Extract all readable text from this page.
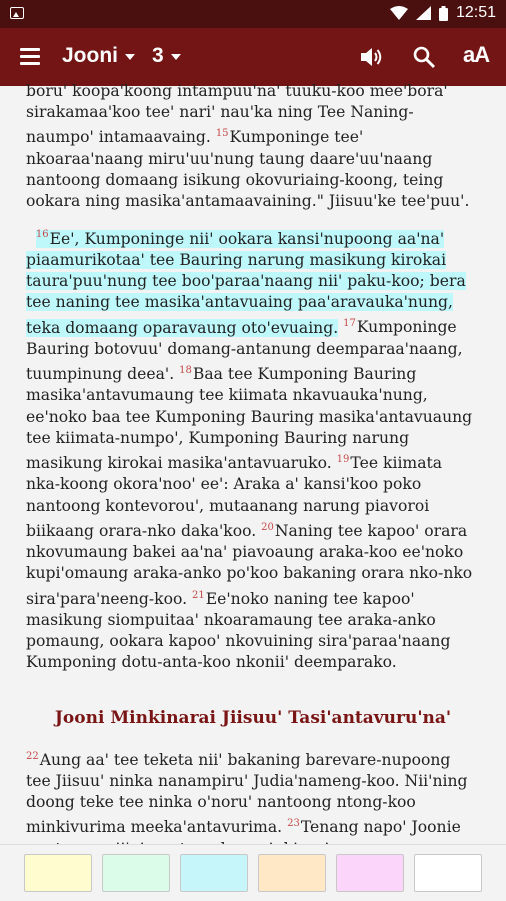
12:51
Jooni 3	aA

boru' koopa'koong intampuu'na' tuuku-koo mee'bora' sirakamaa'koo tee' nari' nau'ka ning Tee Naning-naumpo' intamaavaing. $^{15}$Kumponinge tee' nkoaraa'naang miru'uu'nung taung daare'uu'naang nantoong domaang isikung okovuriaing-koong, teing ookara ning masika'antamaavaining." Jiisuu'ke tee'puu'.

$^{16}$Ee', Kumponinge nii' ookara kansi'nupoong aa'na' piaamurikotaa' tee Bauring narung masikung kirokai taura'puu'nung tee boo'paraa'naang nii' paku-koo; bera tee naning tee masika'antavuaing paa'aravauka'nung, teka domaang oparavaung oto'evuaing. $^{17}$Kumponinge Bauring botovuu' domang-antanung deemparaa'naang, tuumpinung deea'. $^{18}$Baa tee Kumponing Bauring masika'antavumaung tee kiimata nkavuauka'nung, ee'noko baa tee Kumponing Bauring masika'antavuaung tee kiimata-numpo', Kumponing Bauring narung masikung kirokai masika'antavuaruko. $^{19}$Tee kiimata nka-koong okora'noo' ee': Araka a' kansi'koo poko nantoong kontevorou', mutaanang narung piavoroi biikaang orara-nko daka'koo. $^{20}$Naning tee kapoo' orara nkovumaung bakei aa'na' piavoaung araka-koo ee'noko kupi'omaung araka-anko po'koo bakaning orara nko-nko sira'para'neeng-koo. $^{21}$Ee'noko naning tee kapoo' masikung siompuitaa' nkoaramaung tee araka-anko pomaung, ookara kapoo' nkovuining sira'paraa'naang Kumponing dotu-anta-koo nkonii' deemparako.

Jooni Minkinarai Jiisuu' Tasi'antavuru'na'

$^{22}$Aung aa' tee teketa nii' bakaning barevare-nupoong tee Jiisuu' ninka nanampiru' Judia'nameng-koo. Nii'ning doong teke tee ninka o'noru' nantoong ntong-koo minkivurima meeka'antavurima. $^{23}$Tenang napo' Joonie
